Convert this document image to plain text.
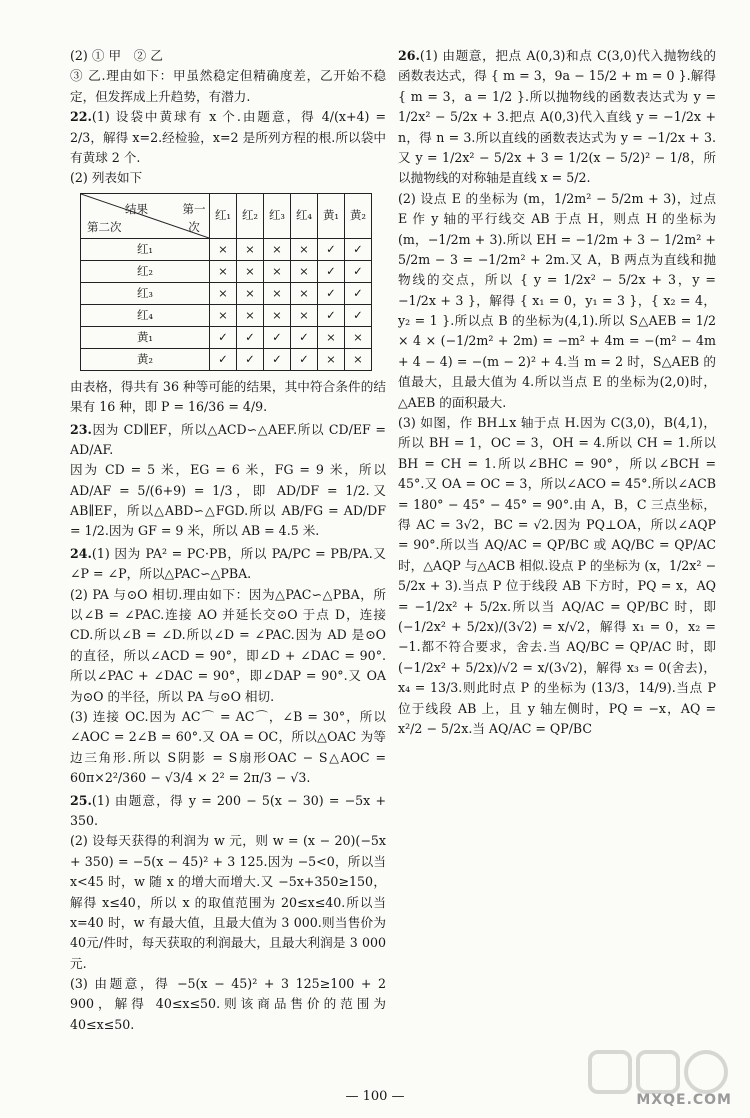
(2) ① 甲　② 乙

③ 乙.理由如下：甲虽然稳定但精确度差，乙开始不稳定，但发挥成上升趋势，有潜力.

22.(1) 设袋中黄球有 x 个.由题意，得 4/(x+4) = 2/3，解得 x=2.经检验，x=2 是所列方程的根.所以袋中有黄球 2 个.

(2) 列表如下

结果 第一次
第二次	红₁	红₂	红₃	红₄	黄₁	黄₂
红₁	×	×	×	×	✓	✓
红₂	×	×	×	×	✓	✓
红₃	×	×	×	×	✓	✓
红₄	×	×	×	×	✓	✓
黄₁	✓	✓	✓	✓	×	×
黄₂	✓	✓	✓	✓	×	×

由表格，得共有 36 种等可能的结果，其中符合条件的结果有 16 种，即 P = 16/36 = 4/9.

23.因为 CD∥EF，所以△ACD∽△AEF.所以 CD/EF = AD/AF.

因为 CD = 5 米，EG = 6 米，FG = 9 米，所以 AD/AF = 5/(6+9) = 1/3，即 AD/DF = 1/2.又 AB∥EF，所以△ABD∽△FGD.所以 AB/FG = AD/DF = 1/2.因为 GF = 9 米，所以 AB = 4.5 米.

24.(1) 因为 PA² = PC·PB，所以 PA/PC = PB/PA.又∠P = ∠P，所以△PAC∽△PBA.

(2) PA 与⊙O 相切.理由如下：因为△PAC∽△PBA，所以∠B = ∠PAC.连接 AO 并延长交⊙O 于点 D，连接 CD.所以∠B = ∠D.所以∠D = ∠PAC.因为 AD 是⊙O 的直径，所以∠ACD = 90°，即∠D + ∠DAC = 90°.所以∠PAC + ∠DAC = 90°，即∠DAP = 90°.又 OA 为⊙O 的半径，所以 PA 与⊙O 相切.

(3) 连接 OC.因为 AC⌒ = AC⌒，∠B = 30°，所以∠AOC = 2∠B = 60°.又 OA = OC，所以△OAC 为等边三角形.所以 S阴影 = S扇形OAC − S△AOC = 60π×2²/360 − √3/4 × 2² = 2π/3 − √3.

25.(1) 由题意，得 y = 200 − 5(x − 30) = −5x + 350.

(2) 设每天获得的利润为 w 元，则 w = (x − 20)(−5x + 350) = −5(x − 45)² + 3 125.因为 −5<0，所以当 x<45 时，w 随 x 的增大而增大.又 −5x+350≥150，解得 x≤40，所以 x 的取值范围为 20≤x≤40.所以当 x=40 时，w 有最大值，且最大值为 3 000.则当售价为40元/件时，每天获取的利润最大，且最大利润是 3 000元.

(3) 由题意，得 −5(x − 45)² + 3 125≥100 + 2 900，解得 40≤x≤50.则该商品售价的范围为 40≤x≤50.

26.(1) 由题意，把点 A(0,3)和点 C(3,0)代入抛物线的函数表达式，得 { m = 3，9a − 15/2 + m = 0 }.解得 { m = 3，a = 1/2 }.所以抛物线的函数表达式为 y = 1/2x² − 5/2x + 3.把点 A(0,3)代入直线 y = −1/2x + n，得 n = 3.所以直线的函数表达式为 y = −1/2x + 3.又 y = 1/2x² − 5/2x + 3 = 1/2(x − 5/2)² − 1/8，所以抛物线的对称轴是直线 x = 5/2.

(2) 设点 E 的坐标为 (m，1/2m² − 5/2m + 3)，过点 E 作 y 轴的平行线交 AB 于点 H，则点 H 的坐标为 (m，−1/2m + 3).所以 EH = −1/2m + 3 − 1/2m² + 5/2m − 3 = −1/2m² + 2m.又 A，B 两点为直线和抛物线的交点，所以 { y = 1/2x² − 5/2x + 3，y = −1/2x + 3 }，解得 { x₁ = 0，y₁ = 3 }，{ x₂ = 4，y₂ = 1 }.所以点 B 的坐标为(4,1).所以 S△AEB = 1/2 × 4 × (−1/2m² + 2m) = −m² + 4m = −(m² − 4m + 4 − 4) = −(m − 2)² + 4.当 m = 2 时，S△AEB 的值最大，且最大值为 4.所以当点 E 的坐标为(2,0)时，△AEB 的面积最大.

(3) 如图，作 BH⊥x 轴于点 H.因为 C(3,0)，B(4,1)，所以 BH = 1，OC = 3，OH = 4.所以 CH = 1.所以 BH = CH = 1.所以∠BHC = 90°，所以∠BCH = 45°.又 OA = OC = 3，所以∠ACO = 45°.所以∠ACB = 180° − 45° − 45° = 90°.由 A，B，C 三点坐标，得 AC = 3√2，BC = √2.因为 PQ⊥OA，所以∠AQP = 90°.所以当 AQ/AC = QP/BC 或 AQ/BC = QP/AC 时，△AQP 与△ACB 相似.设点 P 的坐标为 (x，1/2x² − 5/2x + 3).当点 P 位于线段 AB 下方时，PQ = x，AQ = −1/2x² + 5/2x.所以当 AQ/AC = QP/BC 时，即 (−1/2x² + 5/2x)/(3√2) = x/√2，解得 x₁ = 0，x₂ = −1.都不符合要求，舍去.当 AQ/BC = QP/AC 时，即 (−1/2x² + 5/2x)/√2 = x/(3√2)，解得 x₃ = 0(舍去)，x₄ = 13/3.则此时点 P 的坐标为 (13/3，14/9).当点 P 位于线段 AB 上，且 y 轴左侧时，PQ = −x，AQ = x²/2 − 5/2x.当 AQ/AC = QP/BC

— 100 —	MXQE.COM
